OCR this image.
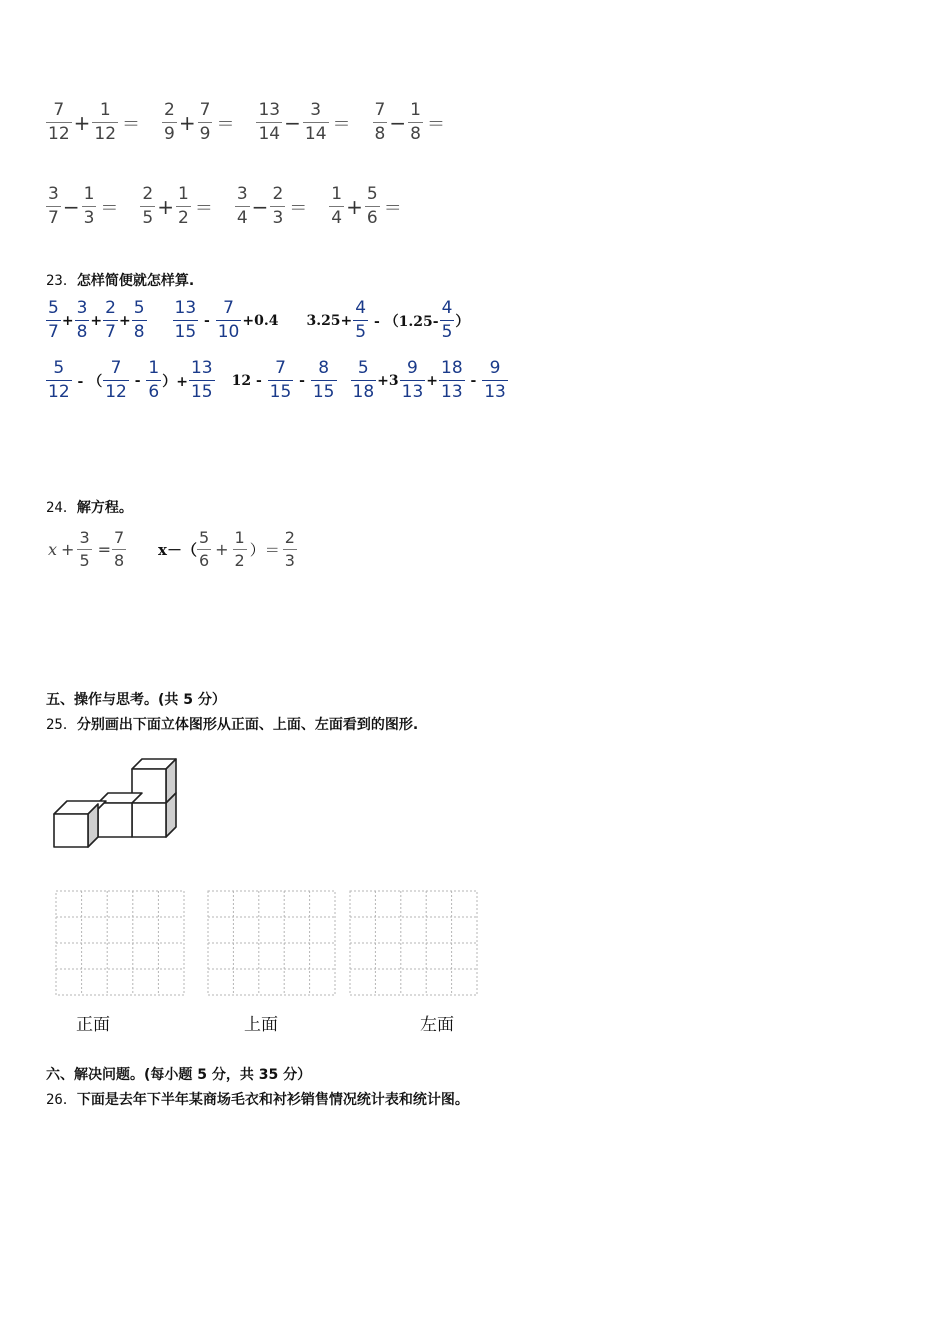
$\frac{7}{12} + \frac{1}{12} = \frac{2}{9} + \frac{7}{9} = \frac{13}{14} - \frac{3}{14} = \frac{7}{8} - \frac{1}{8}$ ＝
$\frac{3}{7} - \frac{1}{3} = \frac{2}{5} + \frac{1}{2} = \frac{3}{4} - \frac{2}{3} = \frac{1}{4} + \frac{5}{6}$ ＝
23．怎样简便就怎样算.
$\frac{5}{7} + \frac{3}{8} + \frac{2}{7} + \frac{5}{8} \frac{13}{15} - \frac{7}{10} +0.4$ $3.25+ \frac{4}{5} - (1.25- \frac{4}{5}$ ）
$\frac{5}{12}$ - （ $\frac{7}{12} - \frac{1}{6}$ ）+ $\frac{13}{15} 12 - \frac{7}{15} - \frac{8}{15} \frac{5}{18} +3 \frac{9}{13} + \frac{18}{13} - \frac{9}{13}$
24．解方程。
$x + \frac{3}{5} = \frac{7}{8} x-( \frac{5}{6} + \frac{1}{2}$ ）＝ $\frac{2}{3}$
五、操作与思考。(共 5 分）
25．分别画出下面立体图形从正面、上面、左面看到的图形.
正面	上面	左面
六、解决问题。(每小题 5 分，共 35 分）
26．下面是去年下半年某商场毛衣和衬衫销售情况统计表和统计图。
